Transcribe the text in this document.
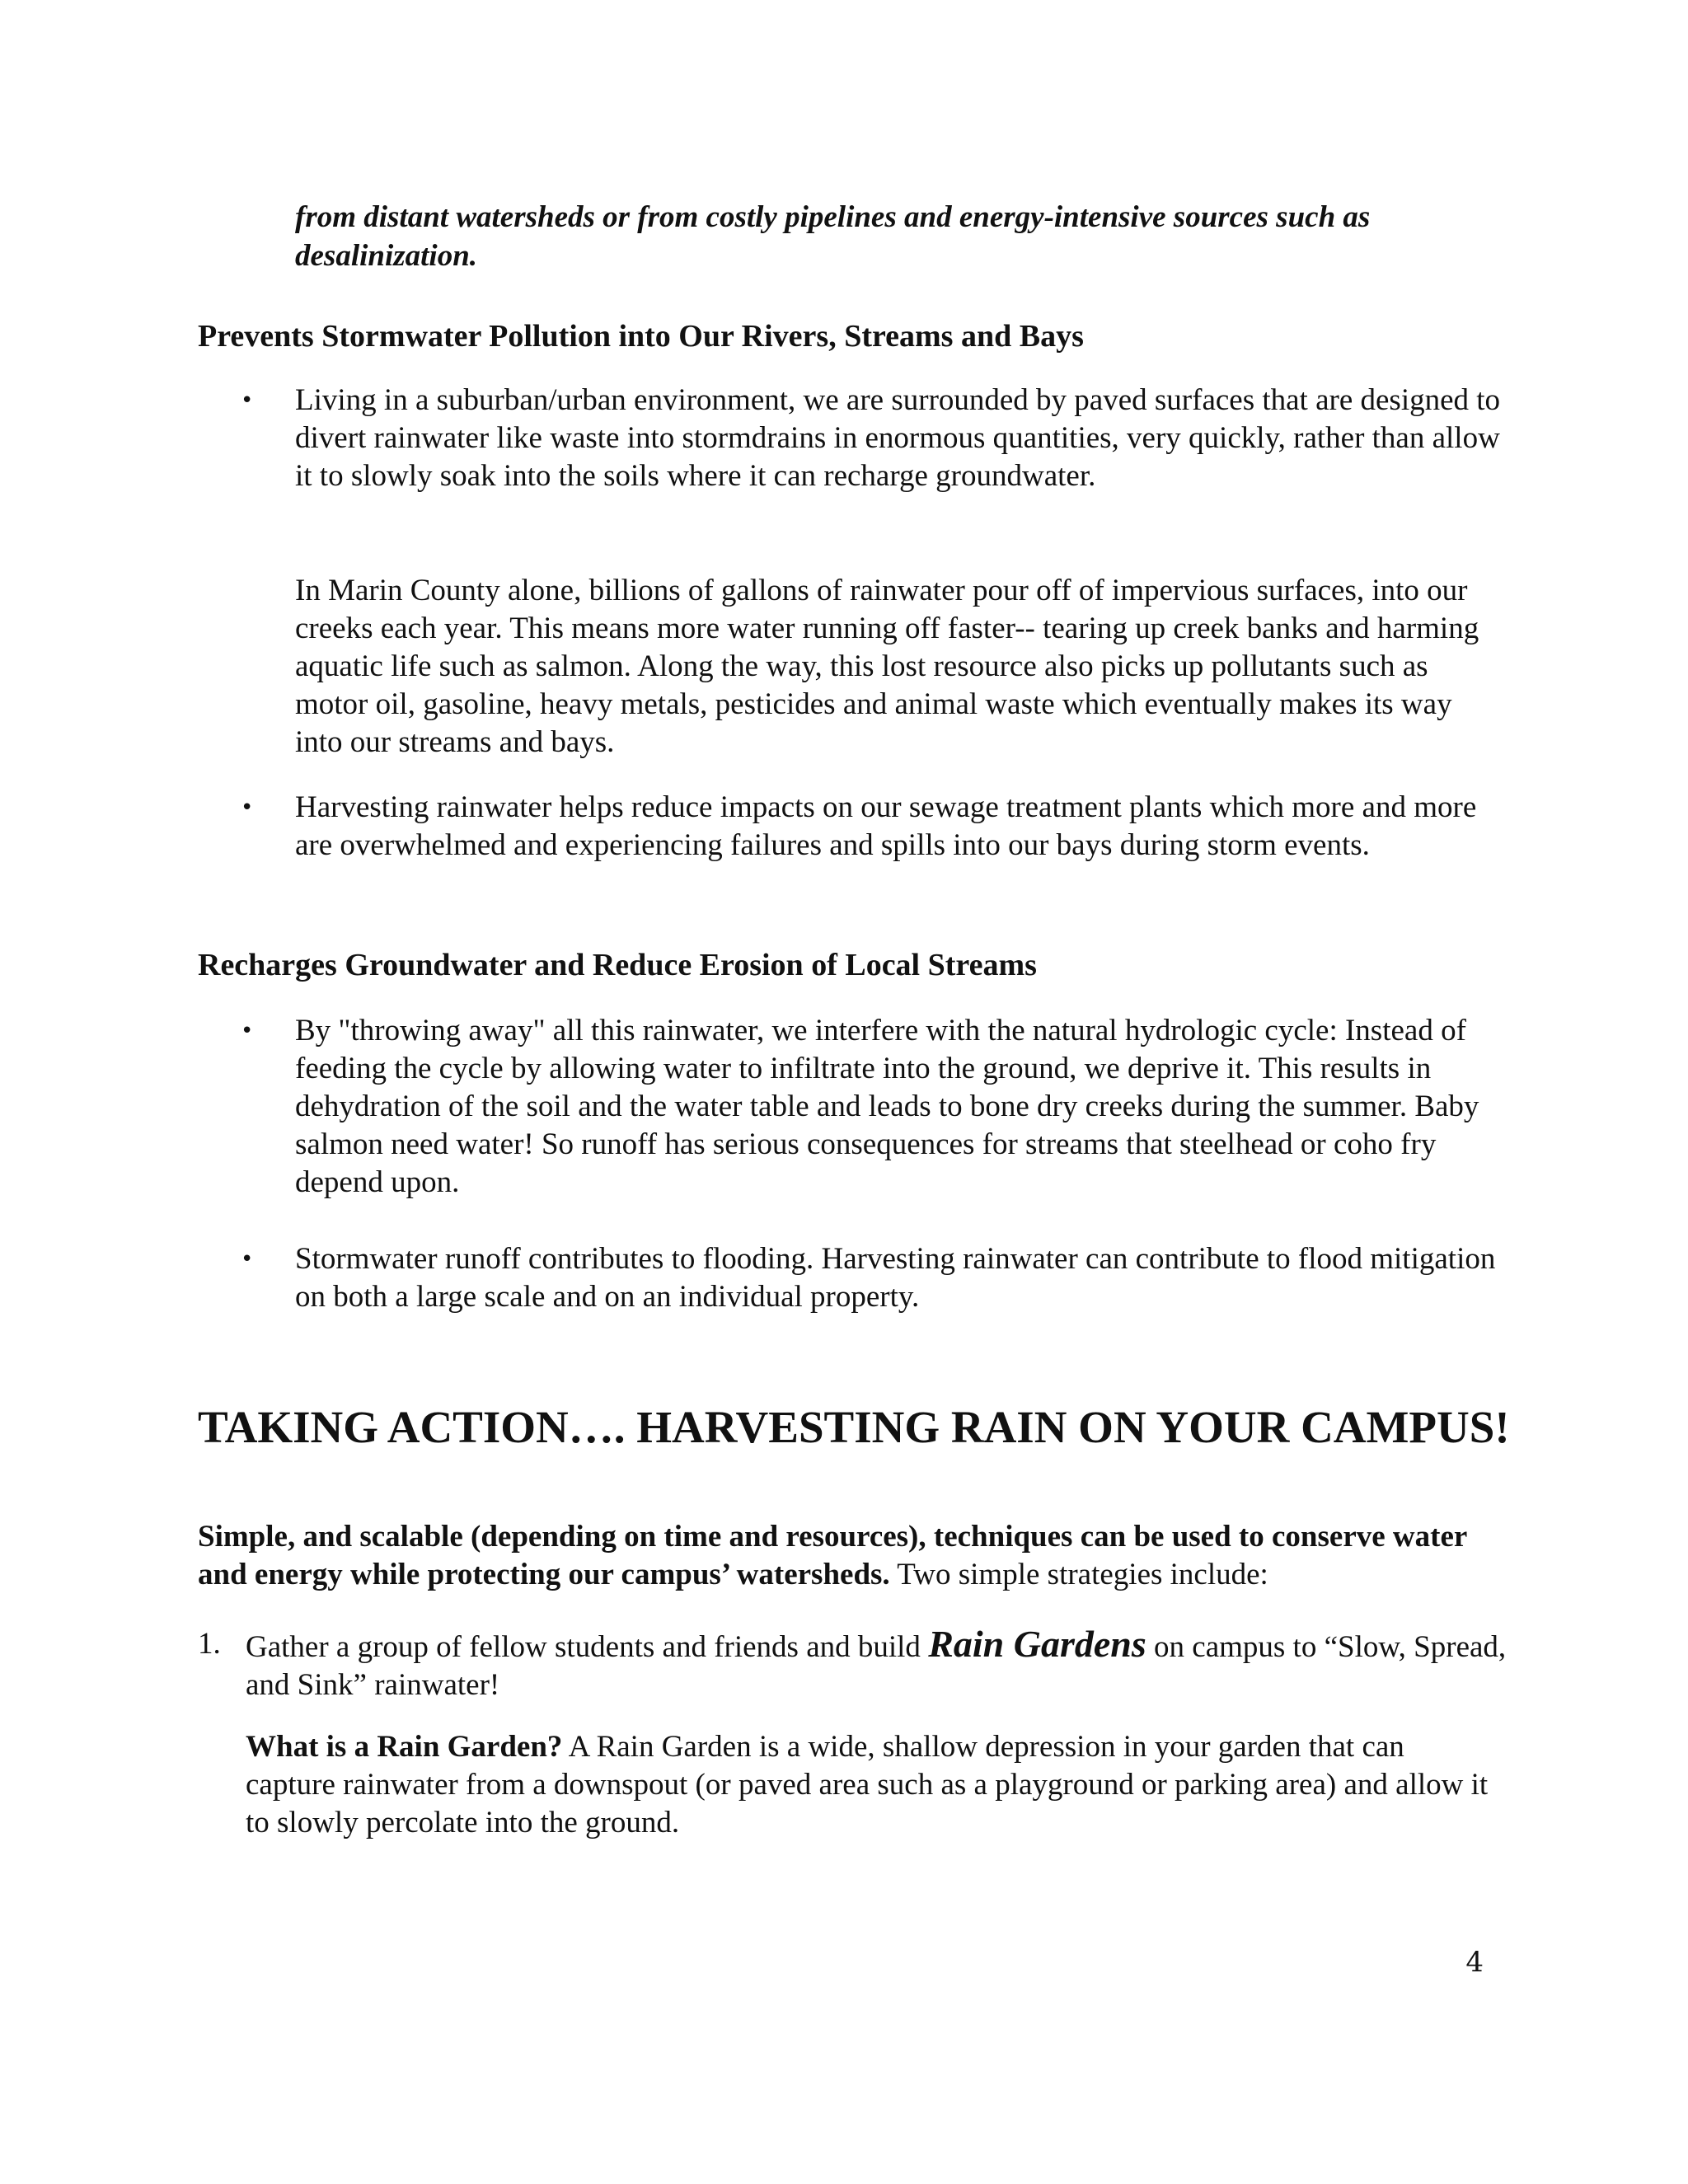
from distant watersheds or from costly pipelines and energy-intensive sources such as desalinization.

Prevents Stormwater Pollution into Our Rivers, Streams and Bays
•	Living in a suburban/urban environment, we are surrounded by paved surfaces that are designed to divert rainwater like waste into stormdrains in enormous quantities, very quickly, rather than allow it to slowly soak into the soils where it can recharge groundwater.

In Marin County alone, billions of gallons of rainwater pour off of impervious surfaces, into our creeks each year. This means more water running off faster-- tearing up creek banks and harming aquatic life such as salmon. Along the way, this lost resource also picks up pollutants such as motor oil, gasoline, heavy metals, pesticides and animal waste which eventually makes its way into our streams and bays.

•	Harvesting rainwater helps reduce impacts on our sewage treatment plants which more and more are overwhelmed and experiencing failures and spills into our bays during storm events.
Recharges Groundwater and Reduce Erosion of Local Streams
•	By "throwing away" all this rainwater, we interfere with the natural hydrologic cycle: Instead of feeding the cycle by allowing water to infiltrate into the ground, we deprive it. This results in dehydration of the soil and the water table and leads to bone dry creeks during the summer. Baby salmon need water! So runoff has serious consequences for streams that steelhead or coho fry depend upon.
•	Stormwater runoff contributes to flooding. Harvesting rainwater can contribute to flood mitigation on both a large scale and on an individual property.
TAKING ACTION…. HARVESTING RAIN ON YOUR CAMPUS!

Simple, and scalable (depending on time and resources), techniques can be used to conserve water and energy while protecting our campus’ watersheds. Two simple strategies include:

1. Gather a group of fellow students and friends and build Rain Gardens on campus to “Slow, Spread, and Sink” rainwater!

What is a Rain Garden? A Rain Garden is a wide, shallow depression in your garden that can capture rainwater from a downspout (or paved area such as a playground or parking area) and allow it to slowly percolate into the ground.

4
